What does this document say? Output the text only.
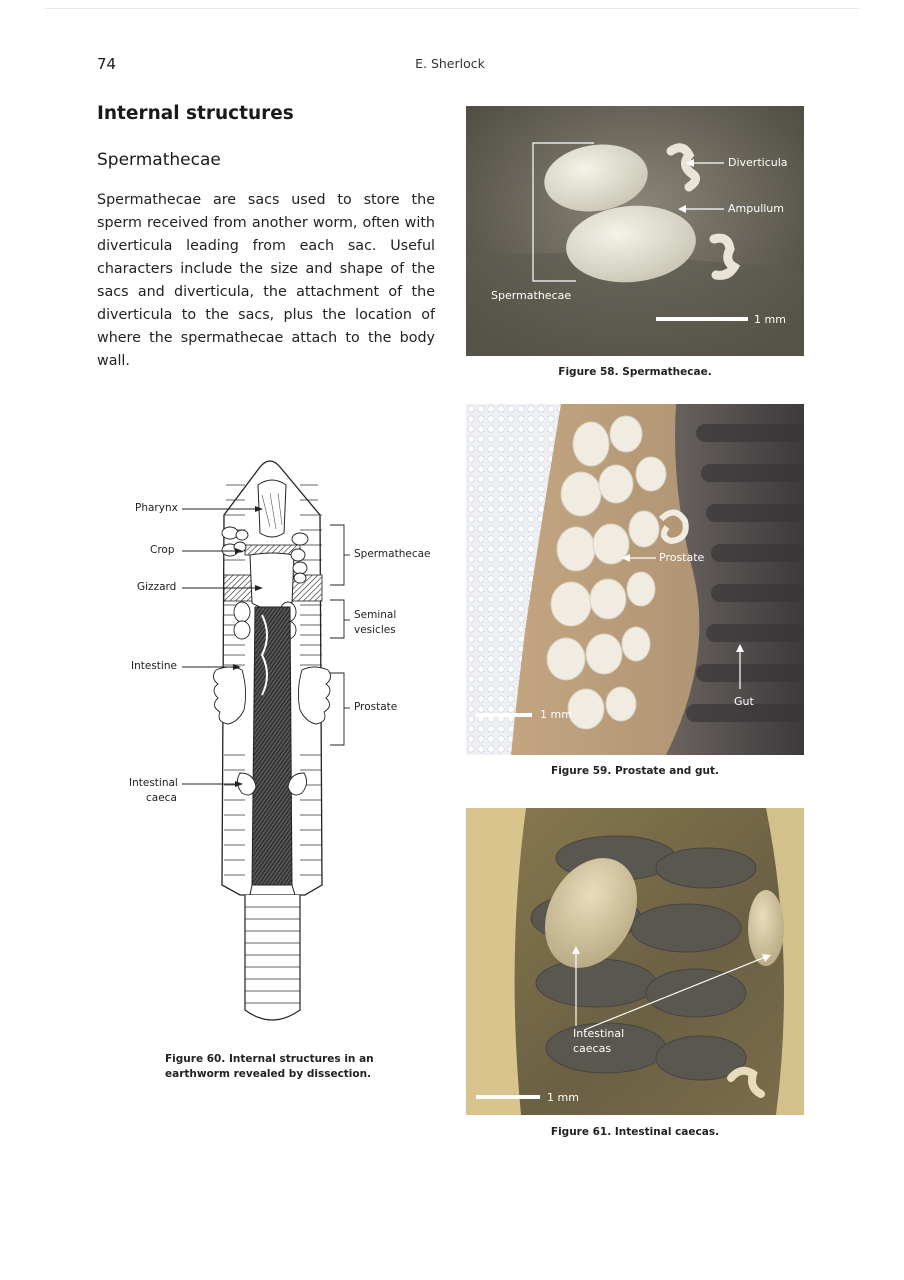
74	E. Sherlock
Internal structures
Spermathecae

Spermathecae are sacs used to store the sperm received from another worm, often with diverticula leading from each sac. Useful characters include the size and shape of the sacs and diverticula, the attachment of the diverticula to the sacs, plus the location of where the spermathecae attach to the body wall.

Diverticula
Ampullum
Spermathecae
1 mm
Figure 58. Spermathecae.
Prostate
Gut
1 mm
Figure 59. Prostate and gut.
Intestinal
caecas
1 mm
Figure 61. Intestinal caecas.
Pharynx
Crop
Gizzard
Intestine
Intestinal
caeca
Spermathecae
Seminal
vesicles
Prostate
Figure 60. Internal structures in an
earthworm revealed by dissection.
